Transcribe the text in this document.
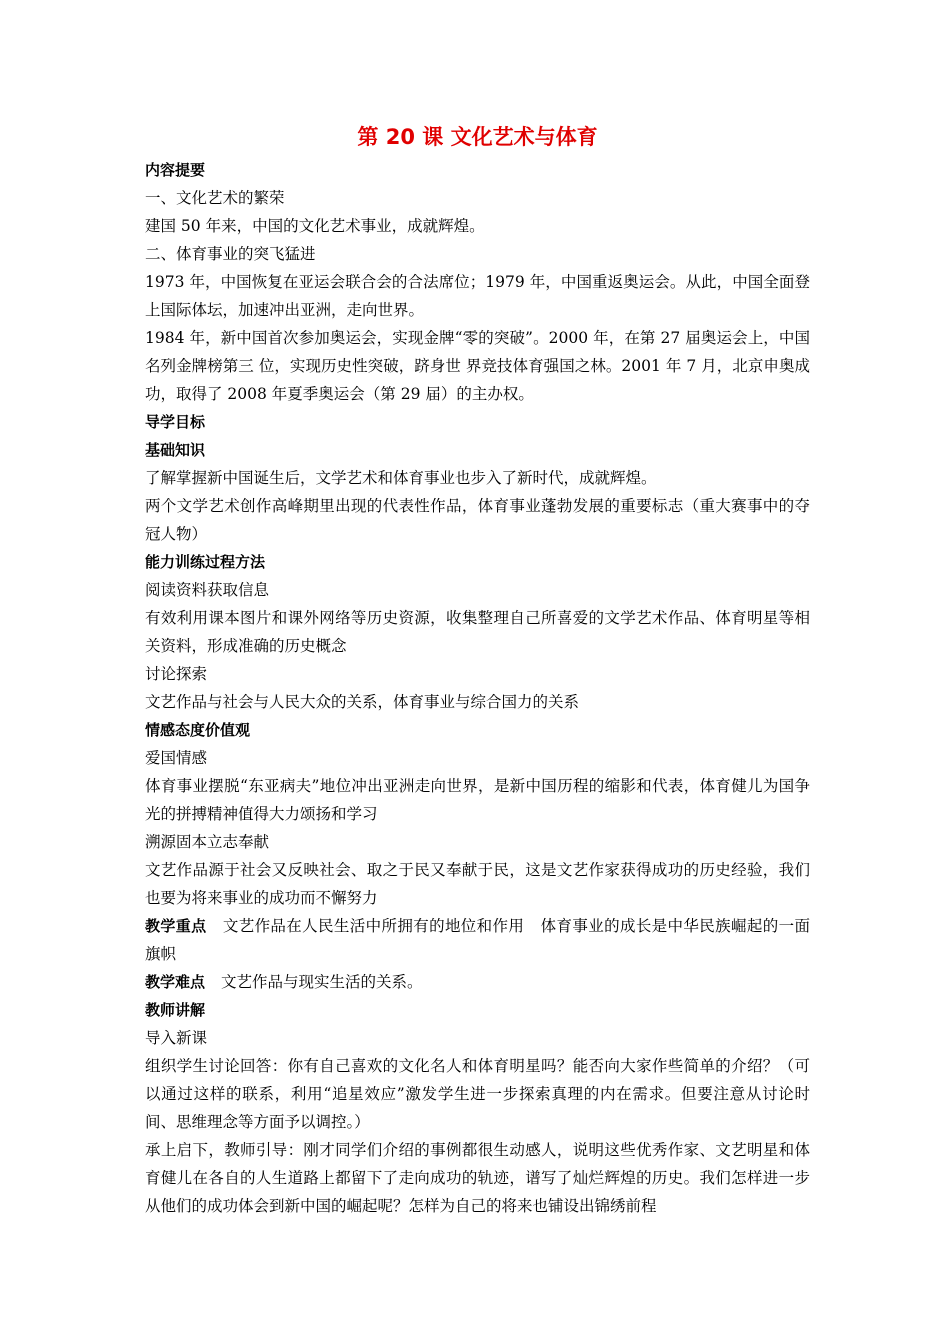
第 20 课 文化艺术与体育

内容提要

一、文化艺术的繁荣

建国 50 年来，中国的文化艺术事业，成就辉煌。

二、体育事业的突飞猛进

1973 年，中国恢复在亚运会联合会的合法席位；1979 年，中国重返奥运会。从此，中国全面登上国际体坛，加速冲出亚洲，走向世界。

1984 年，新中国首次参加奥运会，实现金牌“零的突破”。2000 年，在第 27 届奥运会上，中国名列金牌榜第三 位，实现历史性突破，跻身世 界竞技体育强国之林。2001 年 7 月，北京申奥成功，取得了 2008 年夏季奥运会（第 29 届）的主办权。

导学目标

基础知识

了解掌握新中国诞生后，文学艺术和体育事业也步入了新时代，成就辉煌。

两个文学艺术创作高峰期里出现的代表性作品，体育事业蓬勃发展的重要标志（重大赛事中的夺冠人物）

能力训练过程方法

阅读资料获取信息

有效利用课本图片和课外网络等历史资源，收集整理自己所喜爱的文学艺术作品、体育明星等相关资料，形成准确的历史概念

讨论探索

文艺作品与社会与人民大众的关系，体育事业与综合国力的关系

情感态度价值观

爱国情感

体育事业摆脱“东亚病夫”地位冲出亚洲走向世界，是新中国历程的缩影和代表，体育健儿为国争光的拼搏精神值得大力颂扬和学习

溯源固本立志奉献

文艺作品源于社会又反映社会、取之于民又奉献于民，这是文艺作家获得成功的历史经验，我们也要为将来事业的成功而不懈努力

教学重点 文艺作品在人民生活中所拥有的地位和作用 体育事业的成长是中华民族崛起的一面旗帜

教学难点 文艺作品与现实生活的关系。

教师讲解

导入新课

组织学生讨论回答：你有自己喜欢的文化名人和体育明星吗？能否向大家作些简单的介绍？（可以通过这样的联系，利用“追星效应”激发学生进一步探索真理的内在需求。但要注意从讨论时间、思维理念等方面予以调控。）

承上启下，教师引导：刚才同学们介绍的事例都很生动感人，说明这些优秀作家、文艺明星和体育健儿在各自的人生道路上都留下了走向成功的轨迹，谱写了灿烂辉煌的历史。我们怎样进一步从他们的成功体会到新中国的崛起呢？怎样为自己的将来也铺设出锦绣前程
